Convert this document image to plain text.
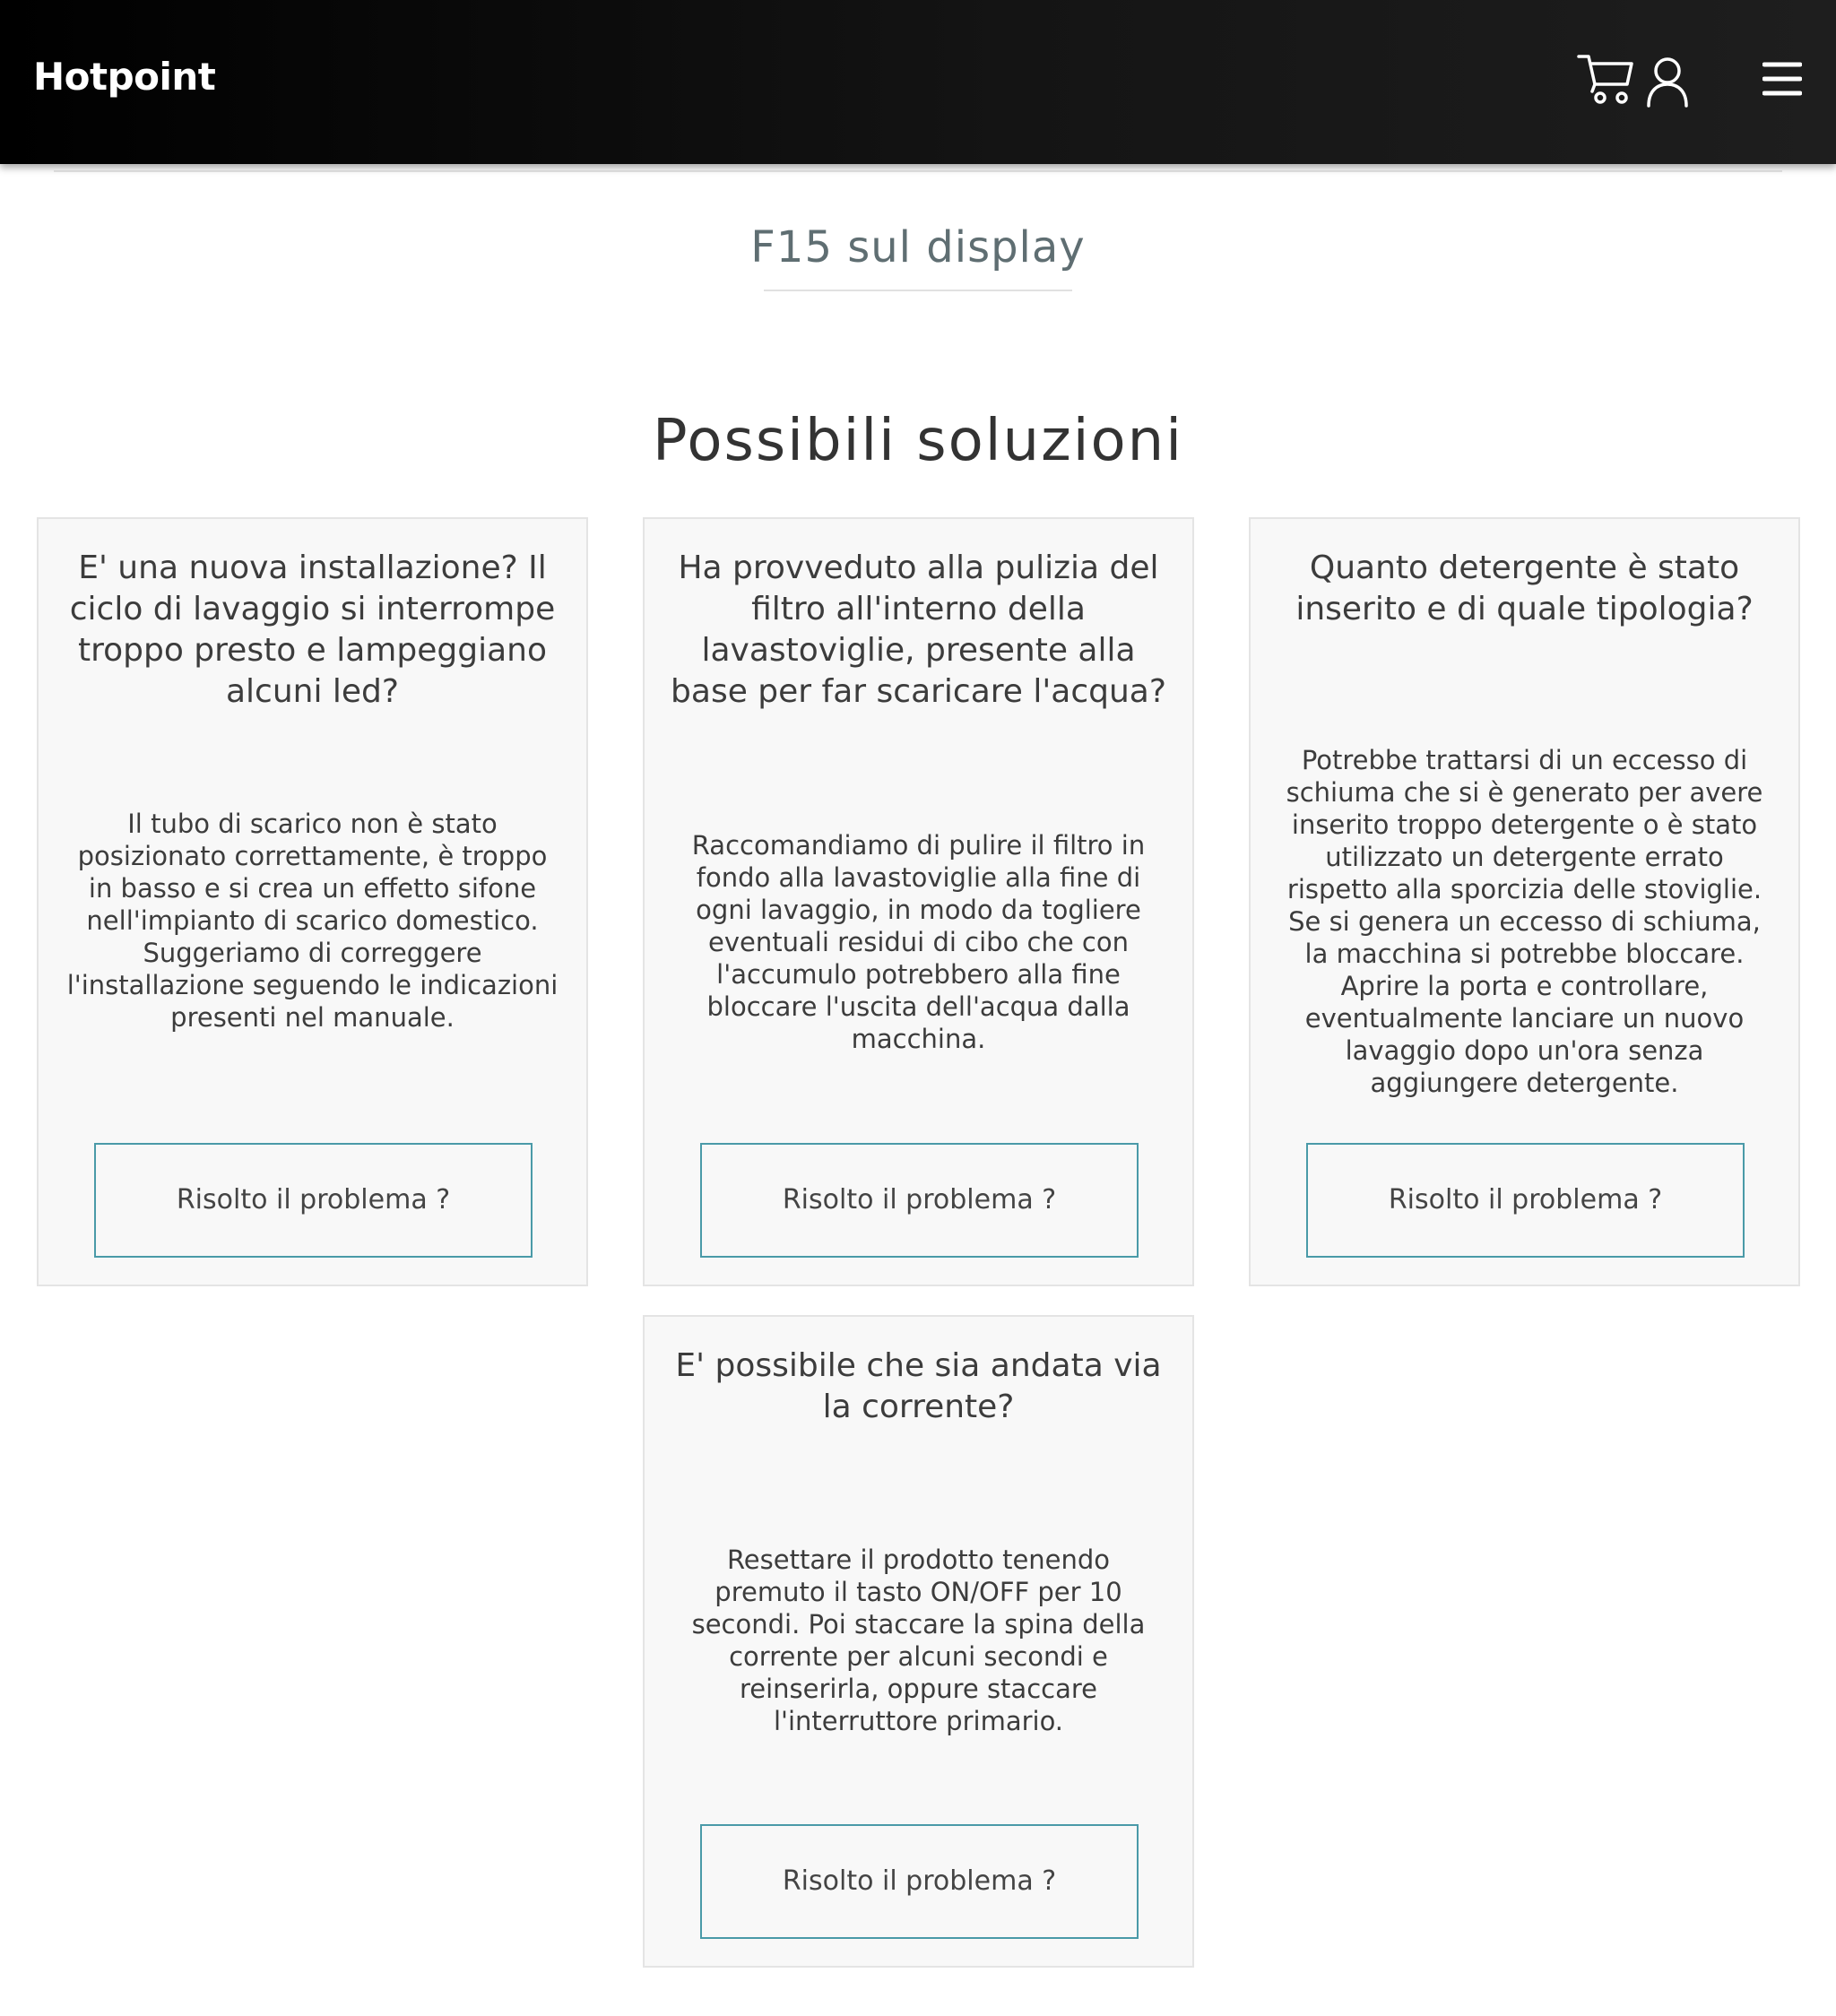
Hotpoint
F15 sul display
Possibili soluzioni
E' una nuova installazione? Il ciclo di lavaggio si interrompe troppo presto e lampeggiano alcuni led?

Il tubo di scarico non è stato posizionato correttamente, è troppo in basso e si crea un effetto sifone nell'impianto di scarico domestico. Suggeriamo di correggere l'installazione seguendo le indicazioni presenti nel manuale.

Risolto il problema ?
Ha provveduto alla pulizia del filtro all'interno della lavastoviglie, presente alla base per far scaricare l'acqua?

Raccomandiamo di pulire il filtro in fondo alla lavastoviglie alla fine di ogni lavaggio, in modo da togliere eventuali residui di cibo che con l'accumulo potrebbero alla fine bloccare l'uscita dell'acqua dalla macchina.

Risolto il problema ?
Quanto detergente è stato inserito e di quale tipologia?

Potrebbe trattarsi di un eccesso di schiuma che si è generato per avere inserito troppo detergente o è stato utilizzato un detergente errato rispetto alla sporcizia delle stoviglie. Se si genera un eccesso di schiuma, la macchina si potrebbe bloccare. Aprire la porta e controllare, eventualmente lanciare un nuovo lavaggio dopo un'ora senza aggiungere detergente.

Risolto il problema ?
E' possibile che sia andata via la corrente?

Resettare il prodotto tenendo premuto il tasto ON/OFF per 10 secondi. Poi staccare la spina della corrente per alcuni secondi e reinserirla, oppure staccare l'interruttore primario.

Risolto il problema ?
